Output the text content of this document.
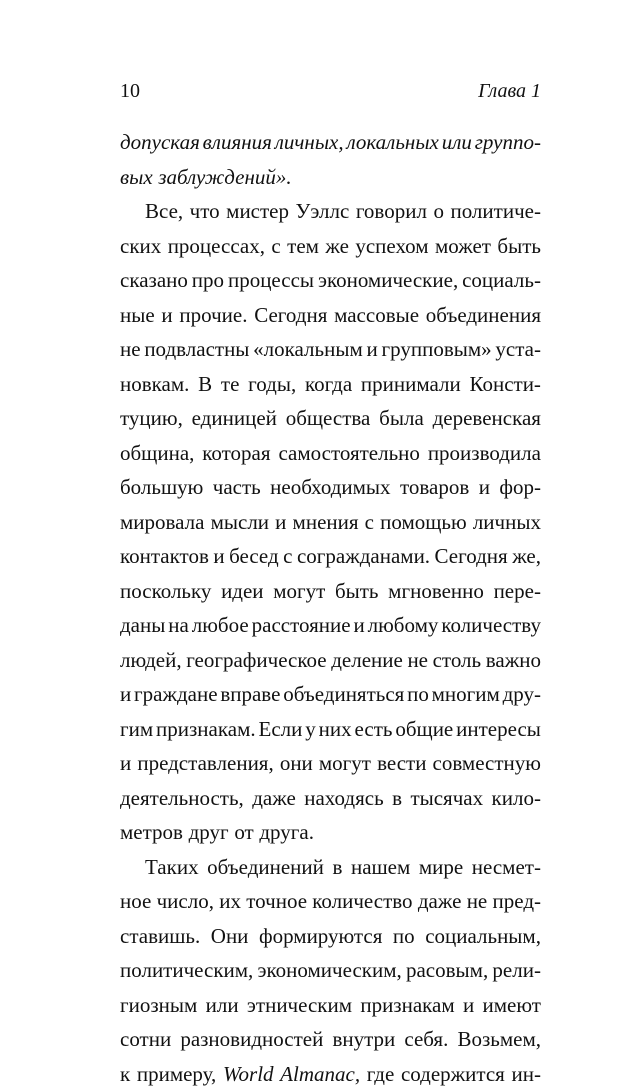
10	Глава 1
допуская влияния личных, локальных или группо-
вых заблуждений».
Все, что мистер Уэллс говорил о политиче-
ских процессах, с тем же успехом может быть
сказано про процессы экономические, социаль-
ные и прочие. Сегодня массовые объединения
не подвластны «локальным и групповым» уста-
новкам. В те годы, когда принимали Консти-
туцию, единицей общества была деревенская
община, которая самостоятельно производила
большую часть необходимых товаров и фор-
мировала мысли и мнения с помощью личных
контактов и бесед с согражданами. Сегодня же,
поскольку идеи могут быть мгновенно пере-
даны на любое расстояние и любому количеству
людей, географическое деление не столь важно
и граждане вправе объединяться по многим дру-
гим признакам. Если у них есть общие интересы
и представления, они могут вести совместную
деятельность, даже находясь в тысячах кило-
метров друг от друга.
Таких объединений в нашем мире несмет-
ное число, их точное количество даже не пред-
ставишь. Они формируются по социальным,
политическим, экономическим, расовым, рели-
гиозным или этническим признакам и имеют
сотни разновидностей внутри себя. Возьмем,
к примеру, World Almanac, где содержится ин-
